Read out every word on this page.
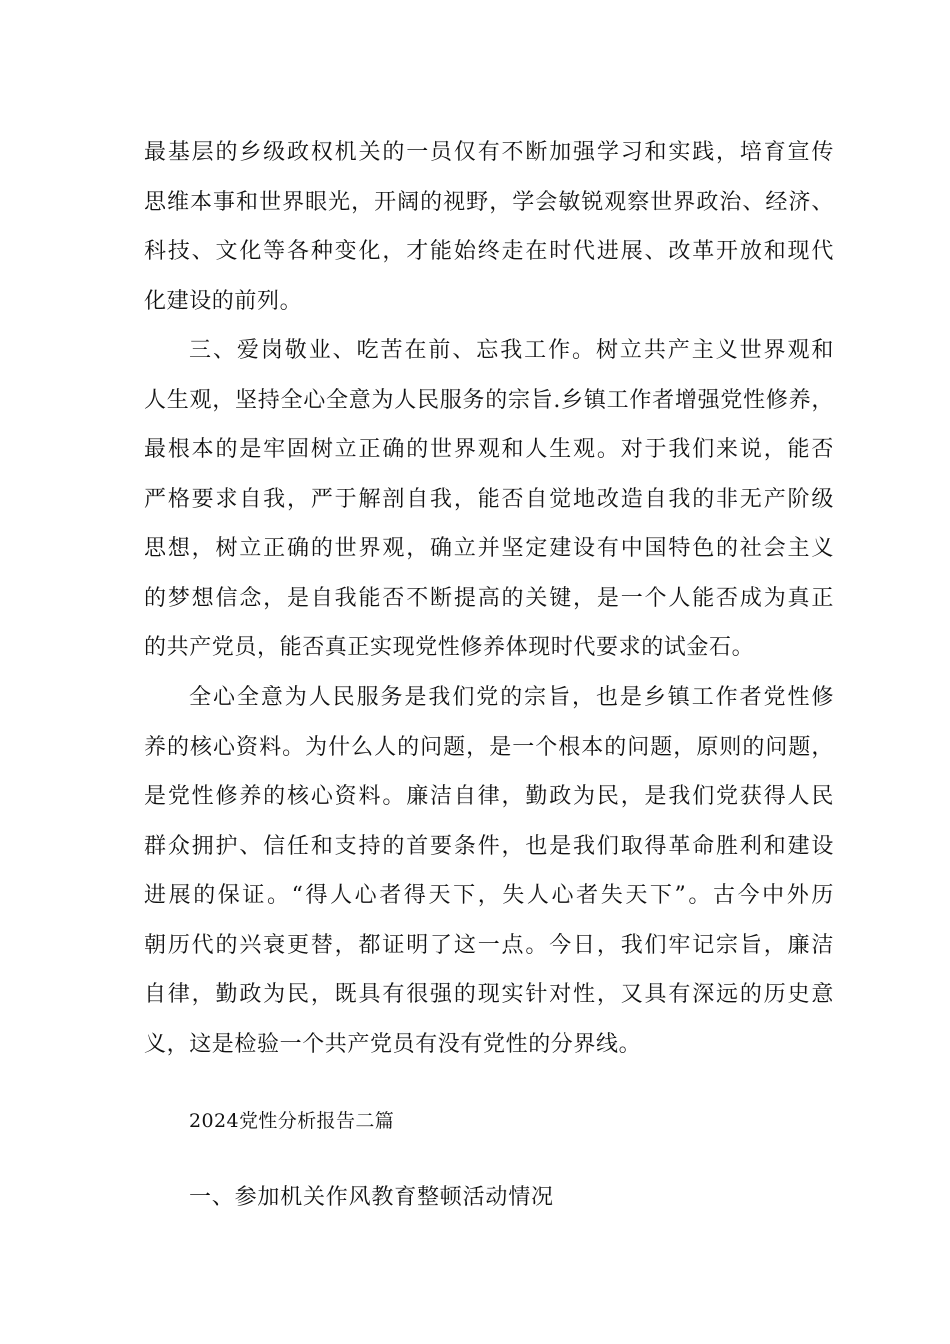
最基层的乡级政权机关的一员仅有不断加强学习和实践，培育宣传
思维本事和世界眼光，开阔的视野，学会敏锐观察世界政治、经济、
科技、文化等各种变化，才能始终走在时代进展、改革开放和现代
化建设的前列。
三、爱岗敬业、吃苦在前、忘我工作。树立共产主义世界观和
人生观，坚持全心全意为人民服务的宗旨.乡镇工作者增强党性修养，
最根本的是牢固树立正确的世界观和人生观。对于我们来说，能否
严格要求自我，严于解剖自我，能否自觉地改造自我的非无产阶级
思想，树立正确的世界观，确立并坚定建设有中国特色的社会主义
的梦想信念，是自我能否不断提高的关键，是一个人能否成为真正
的共产党员，能否真正实现党性修养体现时代要求的试金石。
全心全意为人民服务是我们党的宗旨，也是乡镇工作者党性修
养的核心资料。为什么人的问题，是一个根本的问题，原则的问题，
是党性修养的核心资料。廉洁自律，勤政为民，是我们党获得人民
群众拥护、信任和支持的首要条件，也是我们取得革命胜利和建设
进展的保证。“得人心者得天下，失人心者失天下”。古今中外历
朝历代的兴衰更替，都证明了这一点。今日，我们牢记宗旨，廉洁
自律，勤政为民，既具有很强的现实针对性，又具有深远的历史意
义，这是检验一个共产党员有没有党性的分界线。
2024党性分析报告二篇
一、参加机关作风教育整顿活动情况
